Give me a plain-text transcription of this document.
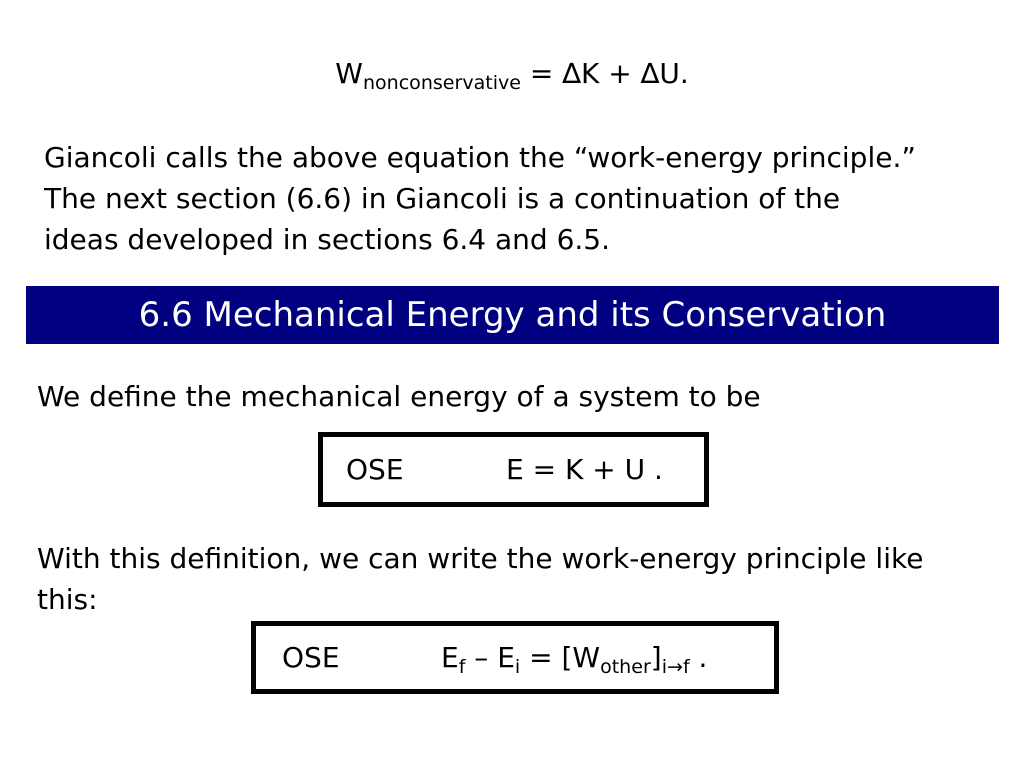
$W_{nonconservative} = \Delta K + \Delta U$.
Giancoli calls the above equation the “work-energy principle.”
The next section (6.6) in Giancoli is a continuation of the
ideas developed in sections 6.4 and 6.5.
6.6 Mechanical Energy and its Conservation
We define the mechanical energy of a system to be
OSE	E = K + U .
With this definition, we can write the work-energy principle like
this:
OSE	$E_f - E_i = [W_{other}]_{i\to f}$ .
